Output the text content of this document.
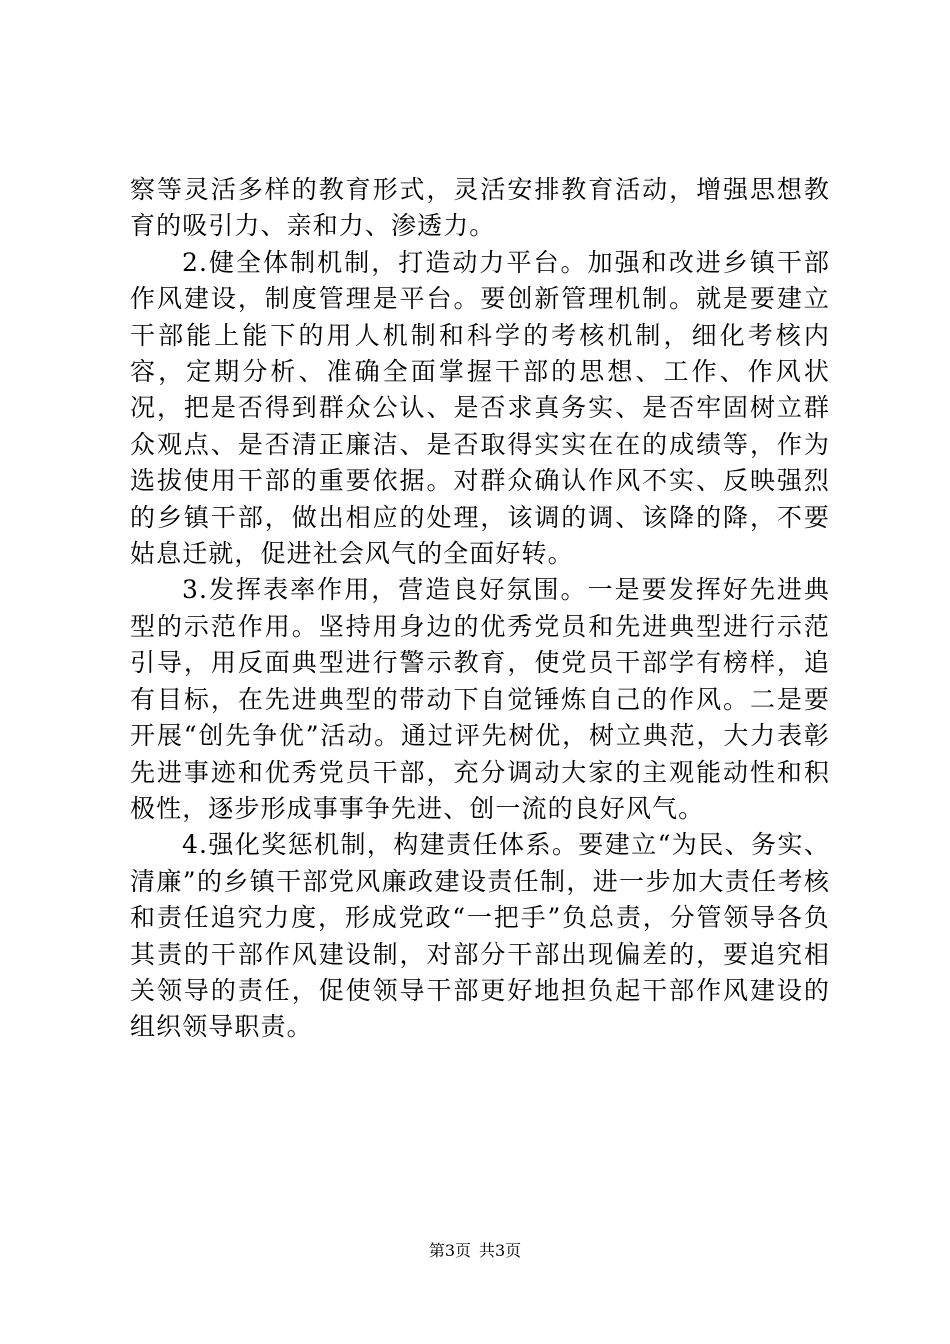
察等灵活多样的教育形式，灵活安排教育活动，增强思想教育的吸引力、亲和力、渗透力。

2.健全体制机制，打造动力平台。加强和改进乡镇干部作风建设，制度管理是平台。要创新管理机制。就是要建立干部能上能下的用人机制和科学的考核机制，细化考核内容，定期分析、准确全面掌握干部的思想、工作、作风状况，把是否得到群众公认、是否求真务实、是否牢固树立群众观点、是否清正廉洁、是否取得实实在在的成绩等，作为选拔使用干部的重要依据。对群众确认作风不实、反映强烈的乡镇干部，做出相应的处理，该调的调、该降的降，不要姑息迁就，促进社会风气的全面好转。

3.发挥表率作用，营造良好氛围。一是要发挥好先进典型的示范作用。坚持用身边的优秀党员和先进典型进行示范引导，用反面典型进行警示教育，使党员干部学有榜样，追有目标，在先进典型的带动下自觉锤炼自己的作风。二是要开展“创先争优”活动。通过评先树优，树立典范，大力表彰先进事迹和优秀党员干部，充分调动大家的主观能动性和积极性，逐步形成事事争先进、创一流的良好风气。

4.强化奖惩机制，构建责任体系。要建立“为民、务实、清廉”的乡镇干部党风廉政建设责任制，进一步加大责任考核和责任追究力度，形成党政“一把手”负总责，分管领导各负其责的干部作风建设制，对部分干部出现偏差的，要追究相关领导的责任，促使领导干部更好地担负起干部作风建设的组织领导职责。

第3页 共3页
